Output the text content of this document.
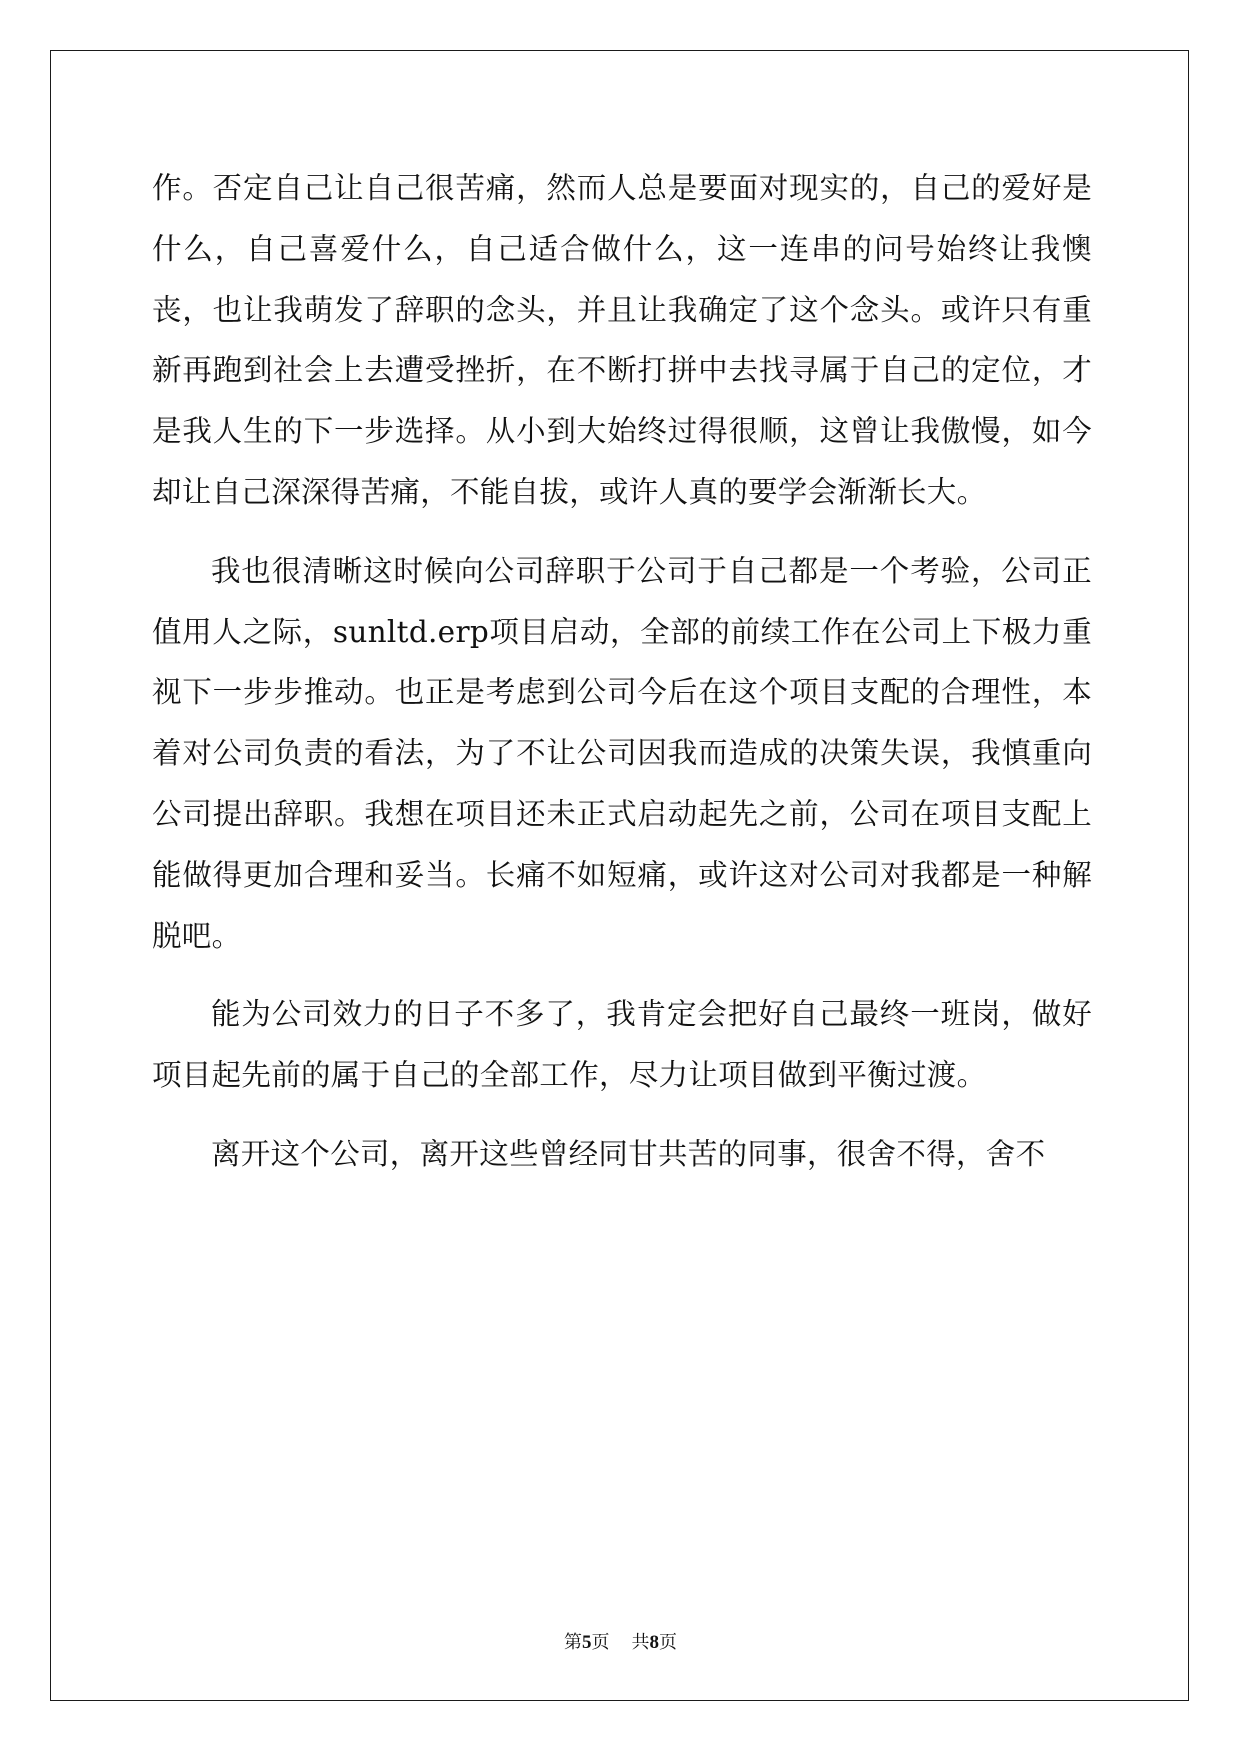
作。否定自己让自己很苦痛，然而人总是要面对现实的，自己的爱好是什么，自己喜爱什么，自己适合做什么，这一连串的问号始终让我懊丧，也让我萌发了辞职的念头，并且让我确定了这个念头。或许只有重新再跑到社会上去遭受挫折，在不断打拼中去找寻属于自己的定位，才是我人生的下一步选择。从小到大始终过得很顺，这曾让我傲慢，如今却让自己深深得苦痛，不能自拔，或许人真的要学会渐渐长大。

我也很清晰这时候向公司辞职于公司于自己都是一个考验，公司正值用人之际，sunltd.erp项目启动，全部的前续工作在公司上下极力重视下一步步推动。也正是考虑到公司今后在这个项目支配的合理性，本着对公司负责的看法，为了不让公司因我而造成的决策失误，我慎重向公司提出辞职。我想在项目还未正式启动起先之前，公司在项目支配上能做得更加合理和妥当。长痛不如短痛，或许这对公司对我都是一种解脱吧。

能为公司效力的日子不多了，我肯定会把好自己最终一班岗，做好项目起先前的属于自己的全部工作，尽力让项目做到平衡过渡。

离开这个公司，离开这些曾经同甘共苦的同事，很舍不得，舍不

第5页 共8页
